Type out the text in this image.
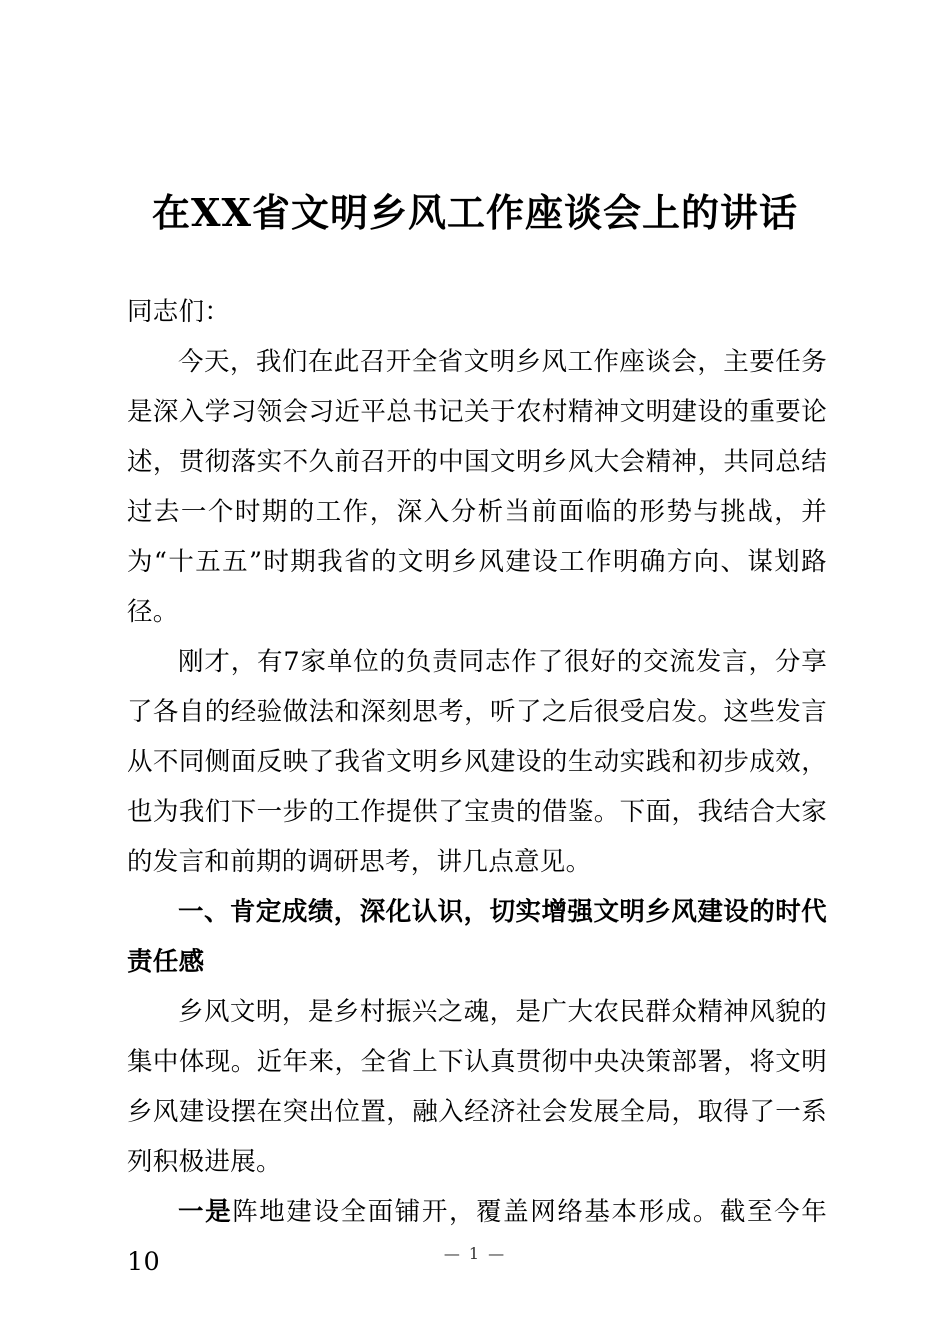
在XX省文明乡风工作座谈会上的讲话

同志们：

今天，我们在此召开全省文明乡风工作座谈会，主要任务是深入学习领会习近平总书记关于农村精神文明建设的重要论述，贯彻落实不久前召开的中国文明乡风大会精神，共同总结过去一个时期的工作，深入分析当前面临的形势与挑战，并为“十五五”时期我省的文明乡风建设工作明确方向、谋划路径。

刚才，有7家单位的负责同志作了很好的交流发言，分享了各自的经验做法和深刻思考，听了之后很受启发。这些发言从不同侧面反映了我省文明乡风建设的生动实践和初步成效，也为我们下一步的工作提供了宝贵的借鉴。下面，我结合大家的发言和前期的调研思考，讲几点意见。

一、肯定成绩，深化认识，切实增强文明乡风建设的时代责任感

乡风文明，是乡村振兴之魂，是广大农民群众精神风貌的集中体现。近年来，全省上下认真贯彻中央决策部署，将文明乡风建设摆在突出位置，融入经济社会发展全局，取得了一系列积极进展。

一是阵地建设全面铺开，覆盖网络基本形成。截至今年10	— 1 —
